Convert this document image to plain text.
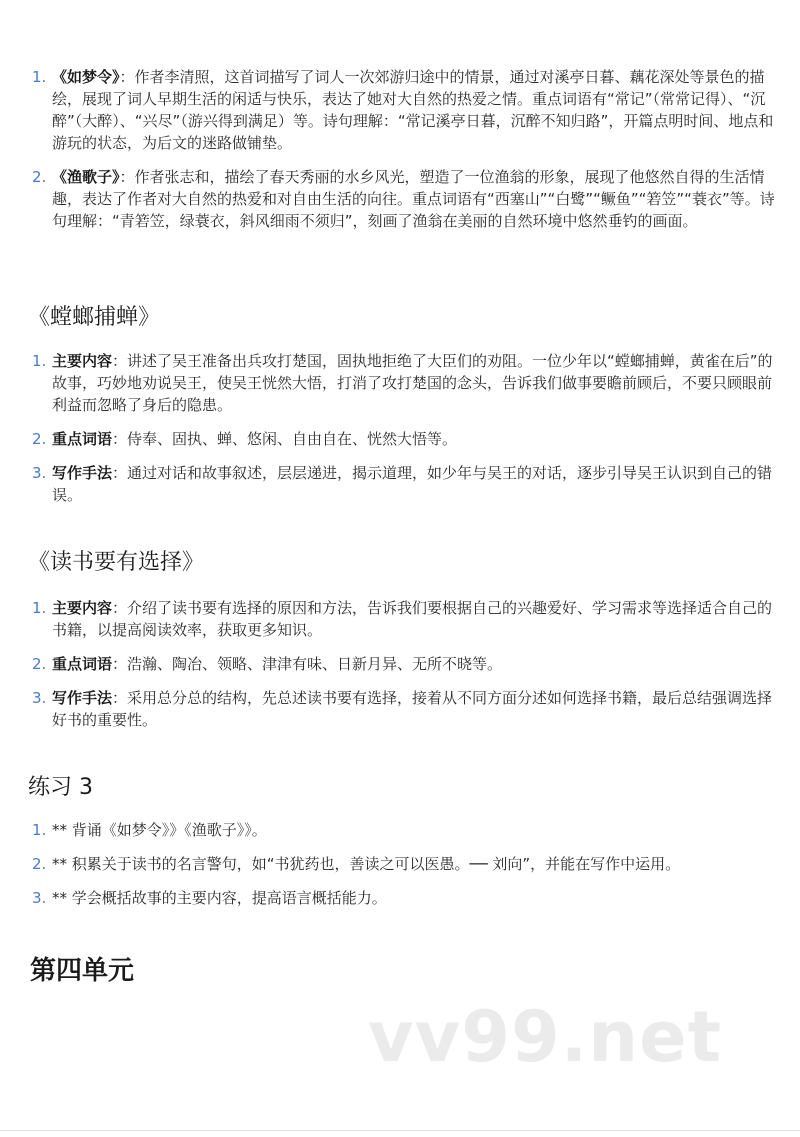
1. 《如梦令》：作者李清照，这首词描写了词人一次郊游归途中的情景，通过对溪亭日暮、藕花深处等景色的描绘，展现了词人早期生活的闲适与快乐，表达了她对大自然的热爱之情。重点词语有“常记”（常常记得）、“沉醉”（大醉）、“兴尽”（游兴得到满足）等。诗句理解：“常记溪亭日暮，沉醉不知归路”，开篇点明时间、地点和游玩的状态，为后文的迷路做铺垫。
2. 《渔歌子》：作者张志和，描绘了春天秀丽的水乡风光，塑造了一位渔翁的形象，展现了他悠然自得的生活情趣，表达了作者对大自然的热爱和对自由生活的向往。重点词语有“西塞山”“白鹭”“鳜鱼”“箬笠”“蓑衣”等。诗句理解：“青箬笠，绿蓑衣，斜风细雨不须归”，刻画了渔翁在美丽的自然环境中悠然垂钓的画面。
《螳螂捕蝉》
1. 主要内容：讲述了吴王准备出兵攻打楚国，固执地拒绝了大臣们的劝阻。一位少年以“螳螂捕蝉，黄雀在后”的故事，巧妙地劝说吴王，使吴王恍然大悟，打消了攻打楚国的念头，告诉我们做事要瞻前顾后，不要只顾眼前利益而忽略了身后的隐患。
2. 重点词语：侍奉、固执、蝉、悠闲、自由自在、恍然大悟等。
3. 写作手法：通过对话和故事叙述，层层递进，揭示道理，如少年与吴王的对话，逐步引导吴王认识到自己的错误。
《读书要有选择》
1. 主要内容：介绍了读书要有选择的原因和方法，告诉我们要根据自己的兴趣爱好、学习需求等选择适合自己的书籍，以提高阅读效率，获取更多知识。
2. 重点词语：浩瀚、陶冶、领略、津津有味、日新月异、无所不晓等。
3. 写作手法：采用总分总的结构，先总述读书要有选择，接着从不同方面分述如何选择书籍，最后总结强调选择好书的重要性。
练习 3
1. ** 背诵《如梦令》》《渔歌子》》。
2. ** 积累关于读书的名言警句，如“书犹药也，善读之可以医愚。── 刘向”，并能在写作中运用。
3. ** 学会概括故事的主要内容，提高语言概括能力。
第四单元
vv99.net
